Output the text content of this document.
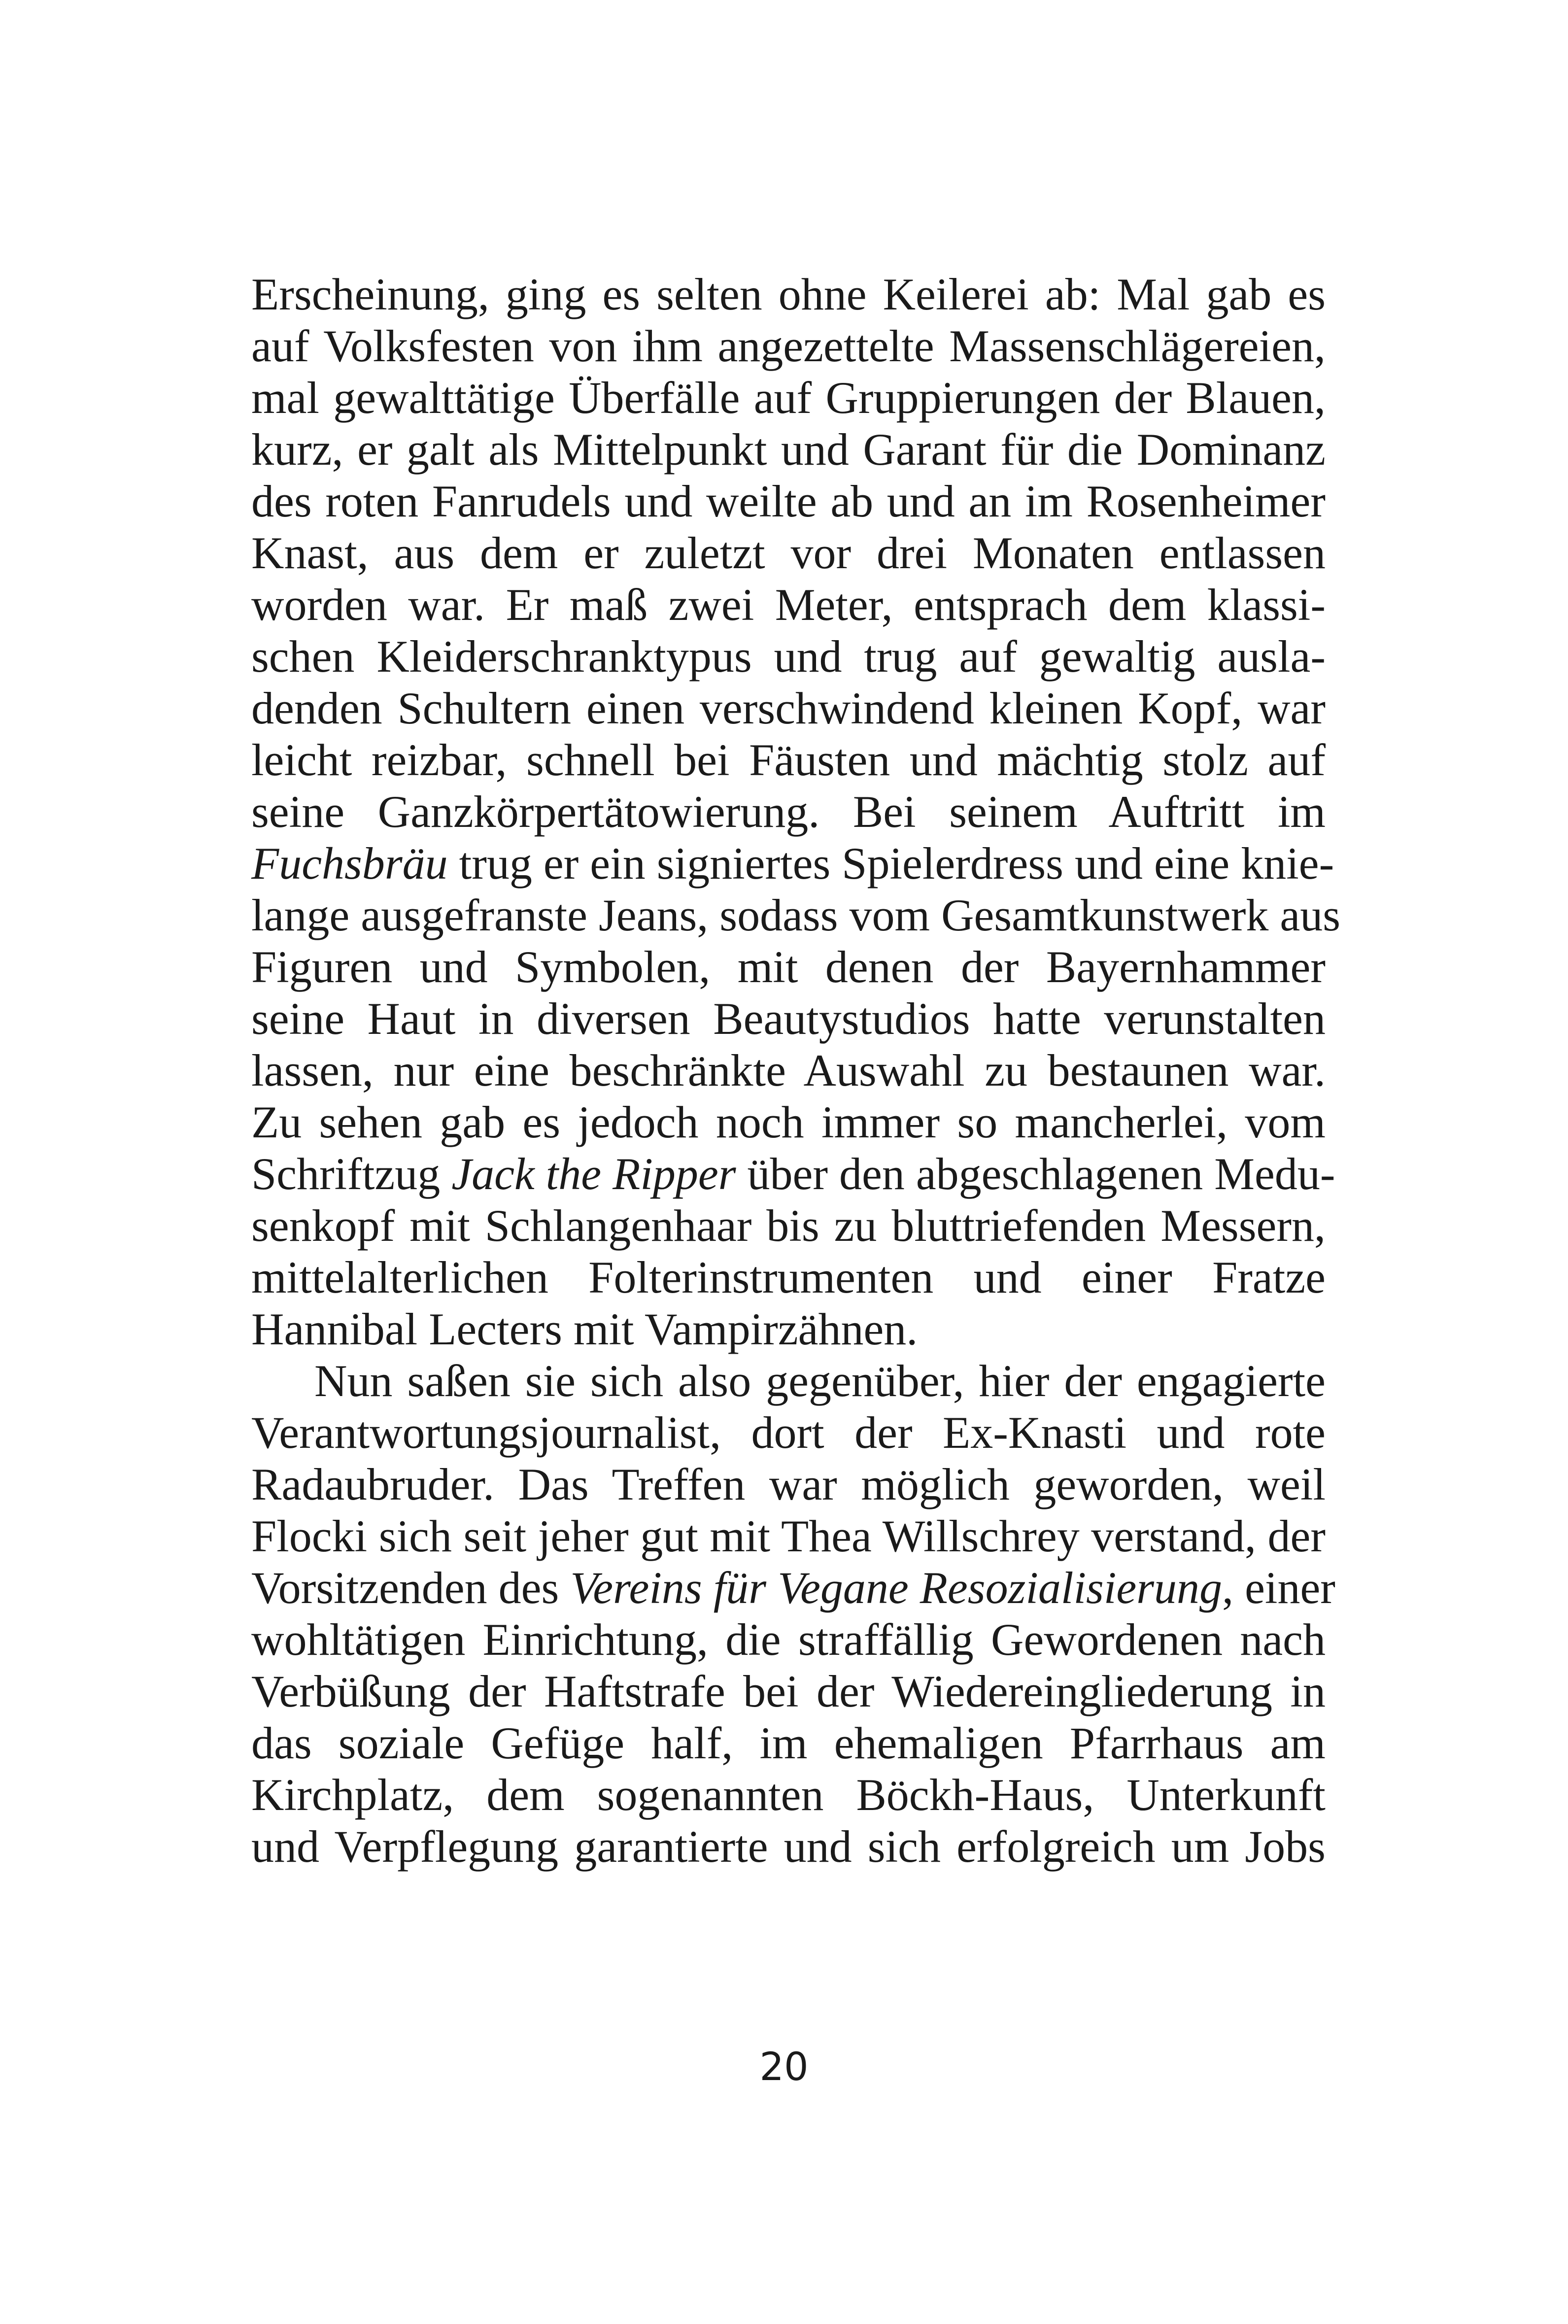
Erscheinung, ging es selten ohne Keilerei ab: Mal gab es
auf Volksfesten von ihm angezettelte Massenschlägereien,
mal gewalttätige Überfälle auf Gruppierungen der Blauen,
kurz, er galt als Mittelpunkt und Garant für die Dominanz
des roten Fanrudels und weilte ab und an im Rosenheimer
Knast, aus dem er zuletzt vor drei Monaten entlassen
worden war. Er maß zwei Meter, entsprach dem klassi-
schen Kleiderschranktypus und trug auf gewaltig ausla-
denden Schultern einen verschwindend kleinen Kopf, war
leicht reizbar, schnell bei Fäusten und mächtig stolz auf
seine Ganzkörpertätowierung. Bei seinem Auftritt im
Fuchsbräu trug er ein signiertes Spielerdress und eine knie-
lange ausgefranste Jeans, sodass vom Gesamtkunstwerk aus
Figuren und Symbolen, mit denen der Bayernhammer
seine Haut in diversen Beautystudios hatte verunstalten
lassen, nur eine beschränkte Auswahl zu bestaunen war.
Zu sehen gab es jedoch noch immer so mancherlei, vom
Schriftzug Jack the Ripper über den abgeschlagenen Medu-
senkopf mit Schlangenhaar bis zu bluttriefenden Messern,
mittelalterlichen Folterinstrumenten und einer Fratze
Hannibal Lecters mit Vampirzähnen.
Nun saßen sie sich also gegenüber, hier der engagierte
Verantwortungsjournalist, dort der Ex-Knasti und rote
Radaubruder. Das Treffen war möglich geworden, weil
Flocki sich seit jeher gut mit Thea Willschrey verstand, der
Vorsitzenden des Vereins für Vegane Resozialisierung, einer
wohltätigen Einrichtung, die straffällig Gewordenen nach
Verbüßung der Haftstrafe bei der Wiedereingliederung in
das soziale Gefüge half, im ehemaligen Pfarrhaus am
Kirchplatz, dem sogenannten Böckh-Haus, Unterkunft
und Verpflegung garantierte und sich erfolgreich um Jobs
20
